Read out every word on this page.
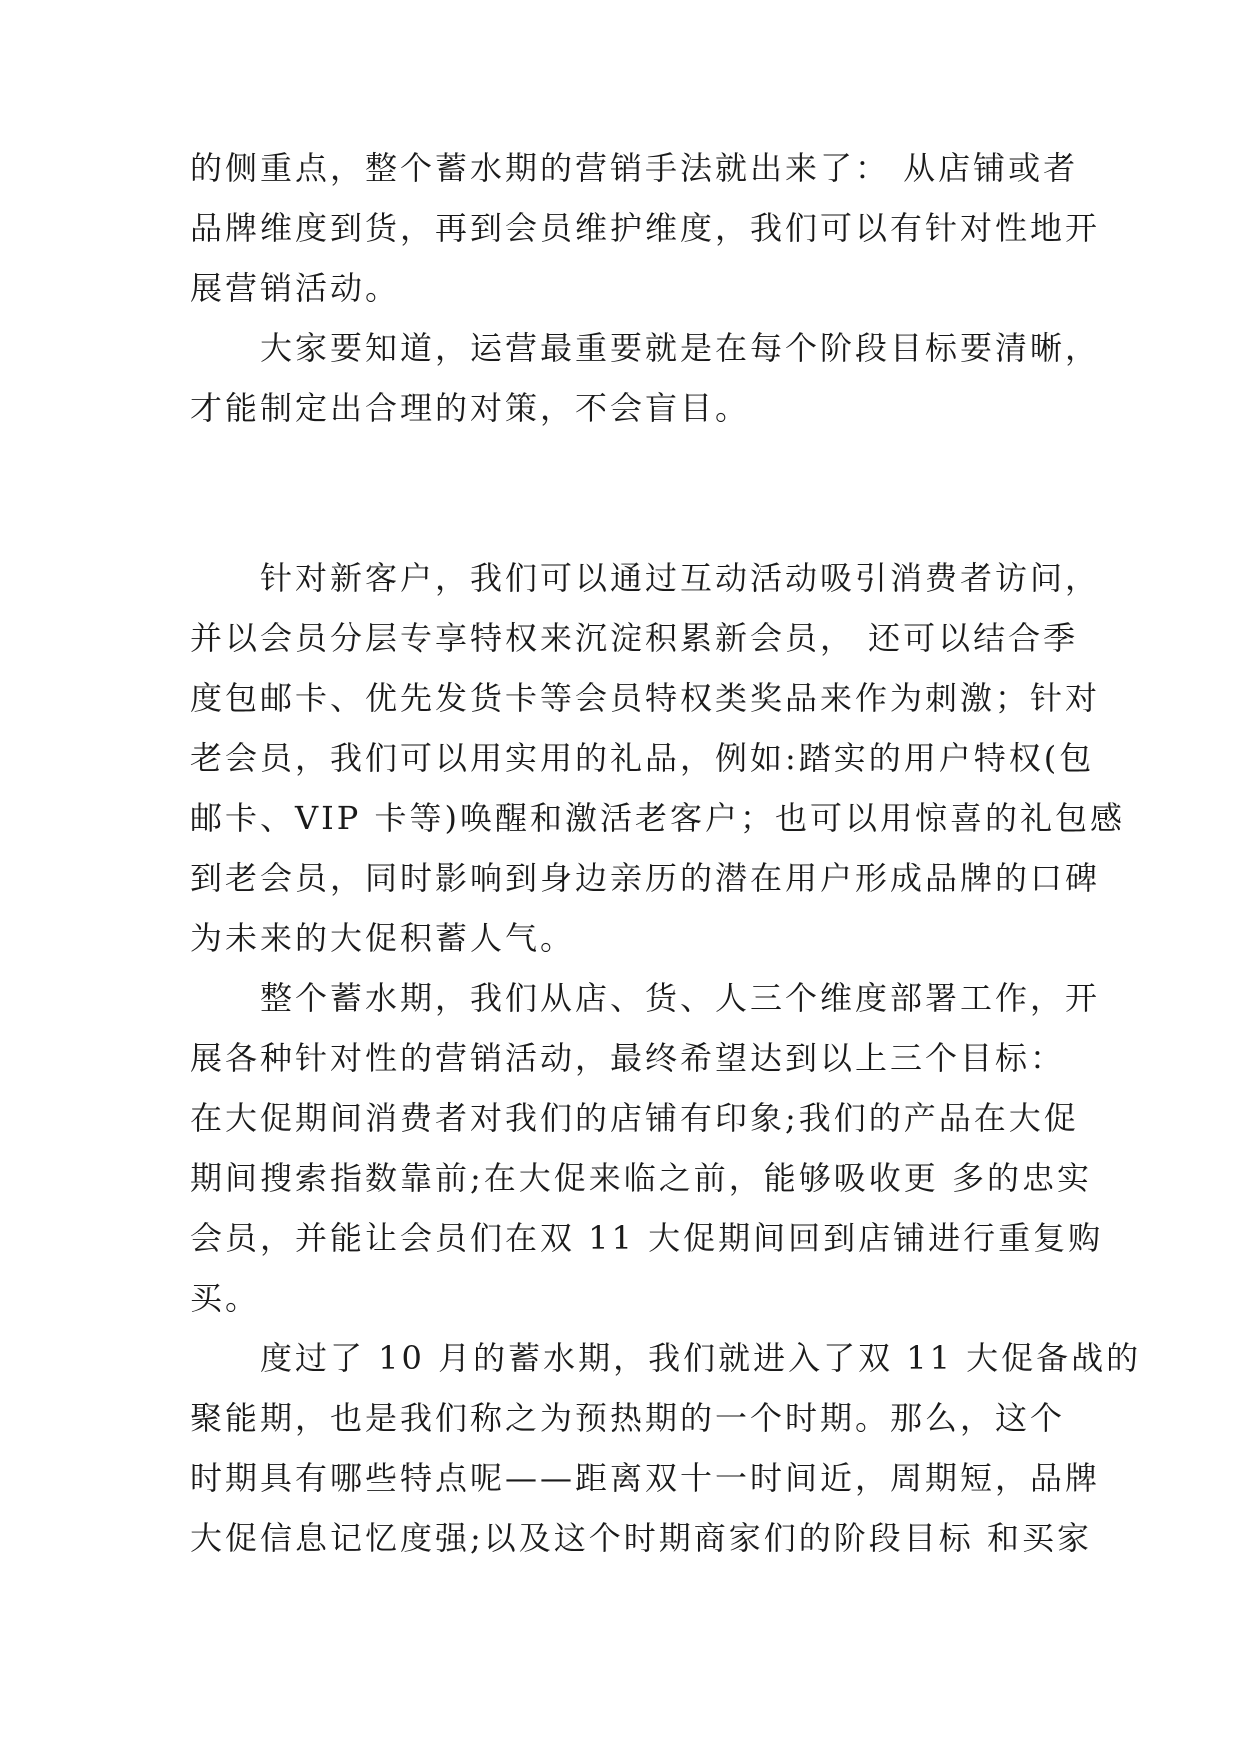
的侧重点，整个蓄水期的营销手法就出来了： 从店铺或者
品牌维度到货，再到会员维护维度，我们可以有针对性地开
展营销活动。
大家要知道，运营最重要就是在每个阶段目标要清晰，
才能制定出合理的对策，不会盲目。
针对新客户，我们可以通过互动活动吸引消费者访问，
并以会员分层专享特权来沉淀积累新会员， 还可以结合季
度包邮卡、优先发货卡等会员特权类奖品来作为刺激；针对
老会员，我们可以用实用的礼品，例如:踏实的用户特权(包
邮卡、VIP 卡等)唤醒和激活老客户；也可以用惊喜的礼包感
到老会员，同时影响到身边亲历的潜在用户形成品牌的口碑
为未来的大促积蓄人气。
整个蓄水期，我们从店、货、人三个维度部署工作，开
展各种针对性的营销活动，最终希望达到以上三个目标：
在大促期间消费者对我们的店铺有印象;我们的产品在大促
期间搜索指数靠前;在大促来临之前，能够吸收更 多的忠实
会员，并能让会员们在双 11 大促期间回到店铺进行重复购
买。
度过了 10 月的蓄水期，我们就进入了双 11 大促备战的
聚能期，也是我们称之为预热期的一个时期。那么，这个
时期具有哪些特点呢——距离双十一时间近，周期短，品牌
大促信息记忆度强;以及这个时期商家们的阶段目标 和买家
